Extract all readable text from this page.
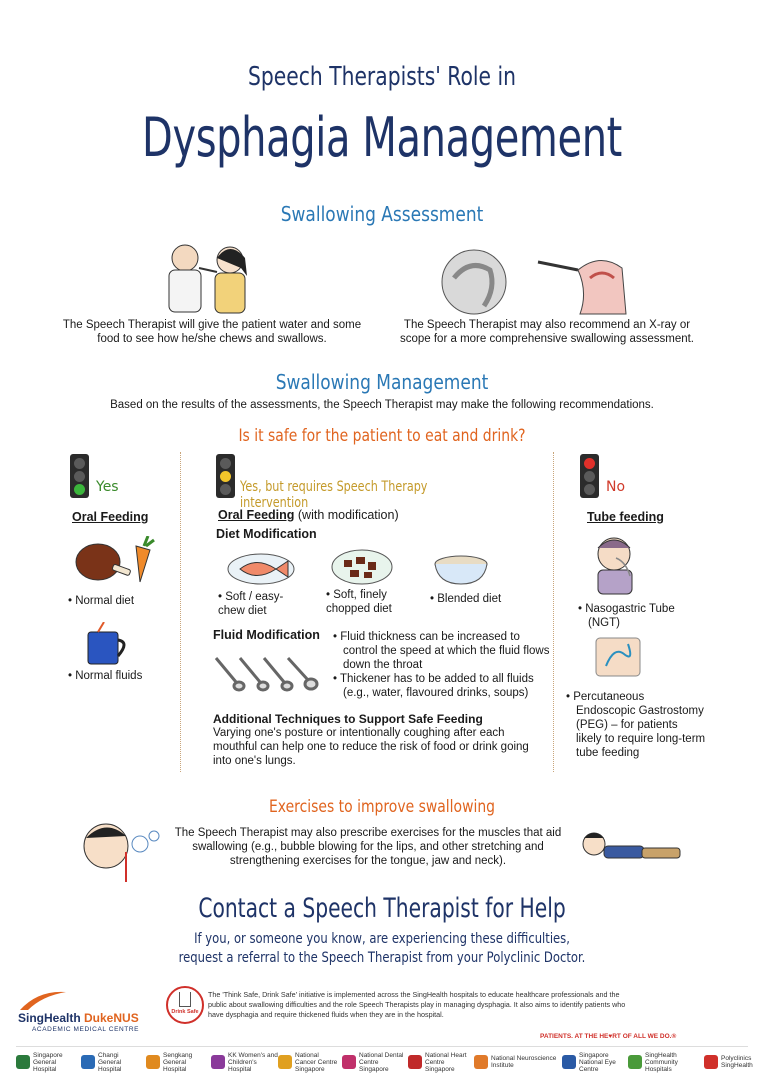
Speech Therapists' Role in
Dysphagia Management
Swallowing Assessment
The Speech Therapist will give the patient water and some food to see how he/she chews and swallows.
The Speech Therapist may also recommend an X-ray or scope for a more comprehensive swallowing assessment.
Swallowing Management
Based on the results of the assessments, the Speech Therapist may make the following recommendations.
Is it safe for the patient to eat and drink?
Yes
Oral Feeding
• Normal diet
• Normal fluids
Yes, but requires Speech Therapy intervention
Oral Feeding (with modification)
Diet Modification
• Soft / easy- chew diet
• Soft, finely chopped diet
• Blended diet
Fluid Modification • Fluid thickness can be increased to control the speed at which the fluid flows down the throat
• Thickener has to be added to all fluids (e.g., water, flavoured drinks, soups)
Additional Techniques to Support Safe Feeding
Varying one's posture or intentionally coughing after each mouthful can help one to reduce the risk of food or drink going into one's lungs.
No
Tube feeding
• Nasogastric Tube (NGT)
• Percutaneous Endoscopic Gastrostomy (PEG) – for patients likely to require long-term tube feeding
Exercises to improve swallowing
The Speech Therapist may also prescribe exercises for the muscles that aid swallowing (e.g., bubble blowing for the lips, and other stretching and strengthening exercises for the tongue, jaw and neck).
Contact a Speech Therapist for Help
If you, or someone you know, are experiencing these difficulties,
request a referral to the Speech Therapist from your Polyclinic Doctor.
SingHealth DukeNUS
ACADEMIC MEDICAL CENTRE
Drink Safe
The 'Think Safe, Drink Safe' initiative is implemented across the SingHealth hospitals to educate healthcare professionals and the public about swallowing difficulties and the role Speech Therapists play in managing dysphagia. It also aims to identify patients who have dysphagia and require thickened fluids when they are in the hospital.
PATIENTS. AT THE HE♥RT OF ALL WE DO.®
Singapore General Hospital
Changi General Hospital
Sengkang General Hospital
KK Women's and Children's Hospital
National Cancer Centre Singapore
National Dental Centre Singapore
National Heart Centre Singapore
National Neuroscience Institute
Singapore National Eye Centre
SingHealth Community Hospitals
Polyclinics SingHealth
